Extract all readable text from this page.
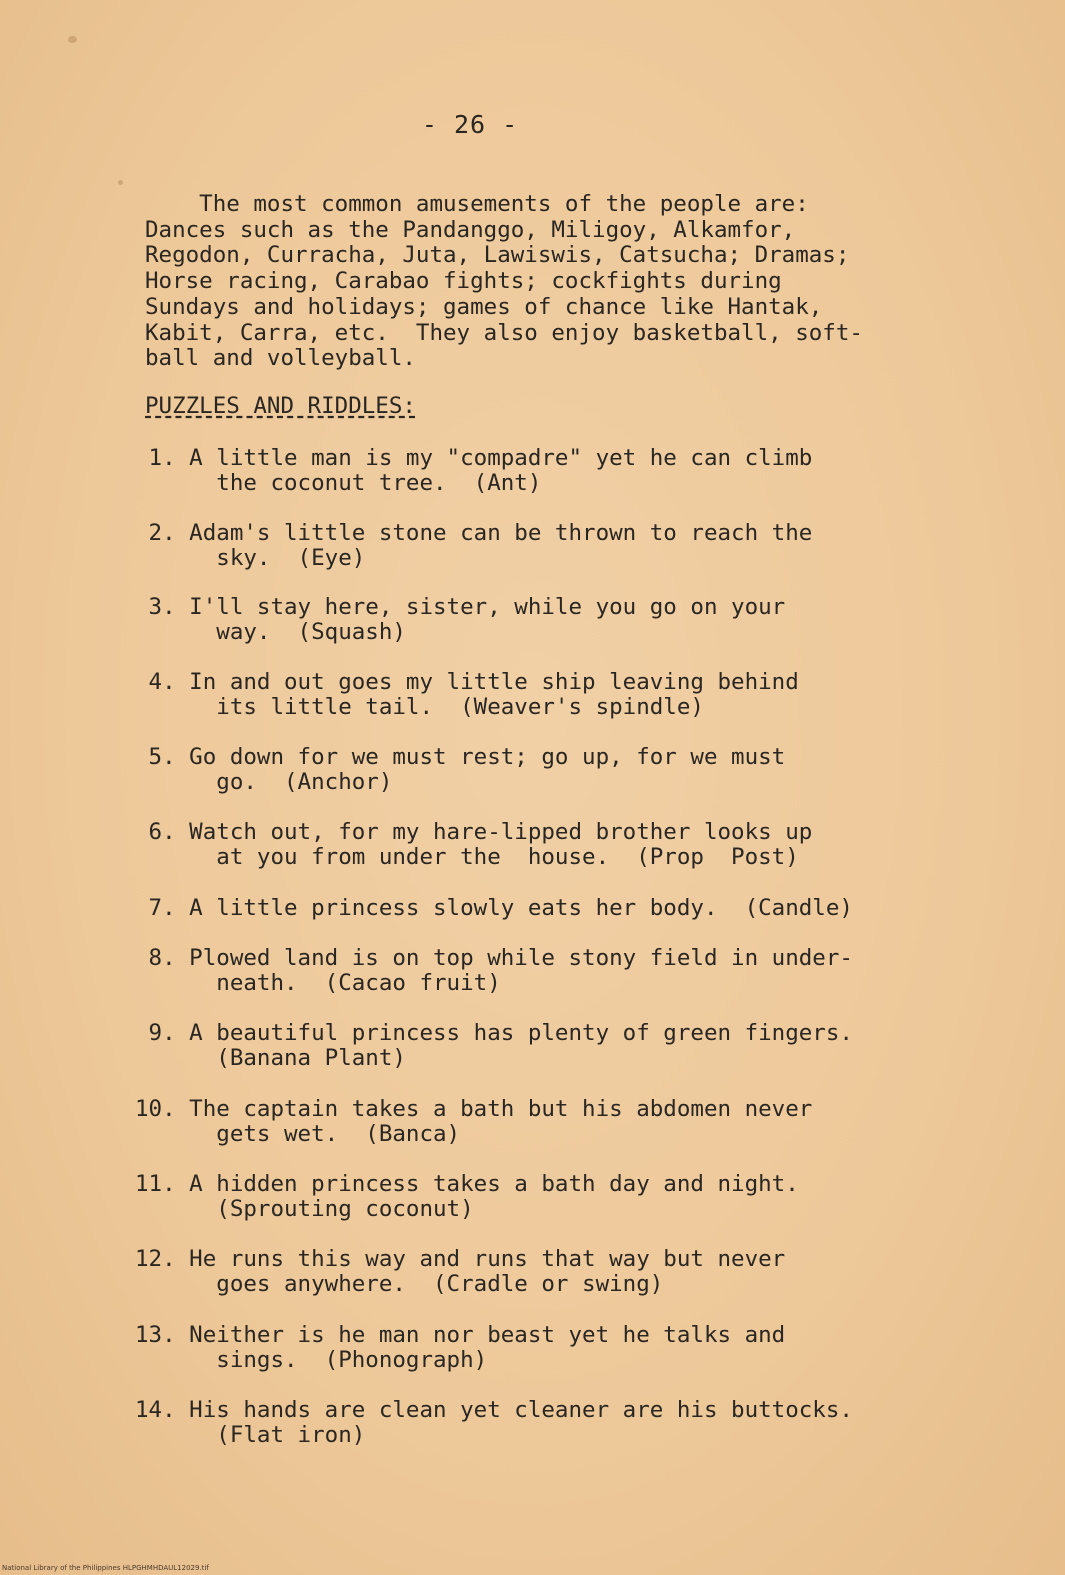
- 26 -
The most common amusements of the people are:
Dances such as the Pandanggo, Miligoy, Alkamfor,
Regodon, Curracha, Juta, Lawiswis, Catsucha; Dramas;
Horse racing, Carabao fights; cockfights during
Sundays and holidays; games of chance like Hantak,
Kabit, Carra, etc.  They also enjoy basketball, soft-
ball and volleyball.
PUZZLES AND RIDDLES:
1. A little man is my "compadre" yet he can climb
the coconut tree.  (Ant)
2. Adam's little stone can be thrown to reach the
sky.  (Eye)
3. I'll stay here, sister, while you go on your
way.  (Squash)
4. In and out goes my little ship leaving behind
its little tail.  (Weaver's spindle)
5. Go down for we must rest; go up, for we must
go.  (Anchor)
6. Watch out, for my hare-lipped brother looks up
at you from under the  house.  (Prop  Post)
7. A little princess slowly eats her body.  (Candle)
8. Plowed land is on top while stony field in under-
neath.  (Cacao fruit)
9. A beautiful princess has plenty of green fingers.
(Banana Plant)
10. The captain takes a bath but his abdomen never
gets wet.  (Banca)
11. A hidden princess takes a bath day and night.
(Sprouting coconut)
12. He runs this way and runs that way but never
goes anywhere.  (Cradle or swing)
13. Neither is he man nor beast yet he talks and
sings.  (Phonograph)
14. His hands are clean yet cleaner are his buttocks.
(Flat iron)
National Library of the Philippines HLPGHMHDAUL12029.tif
